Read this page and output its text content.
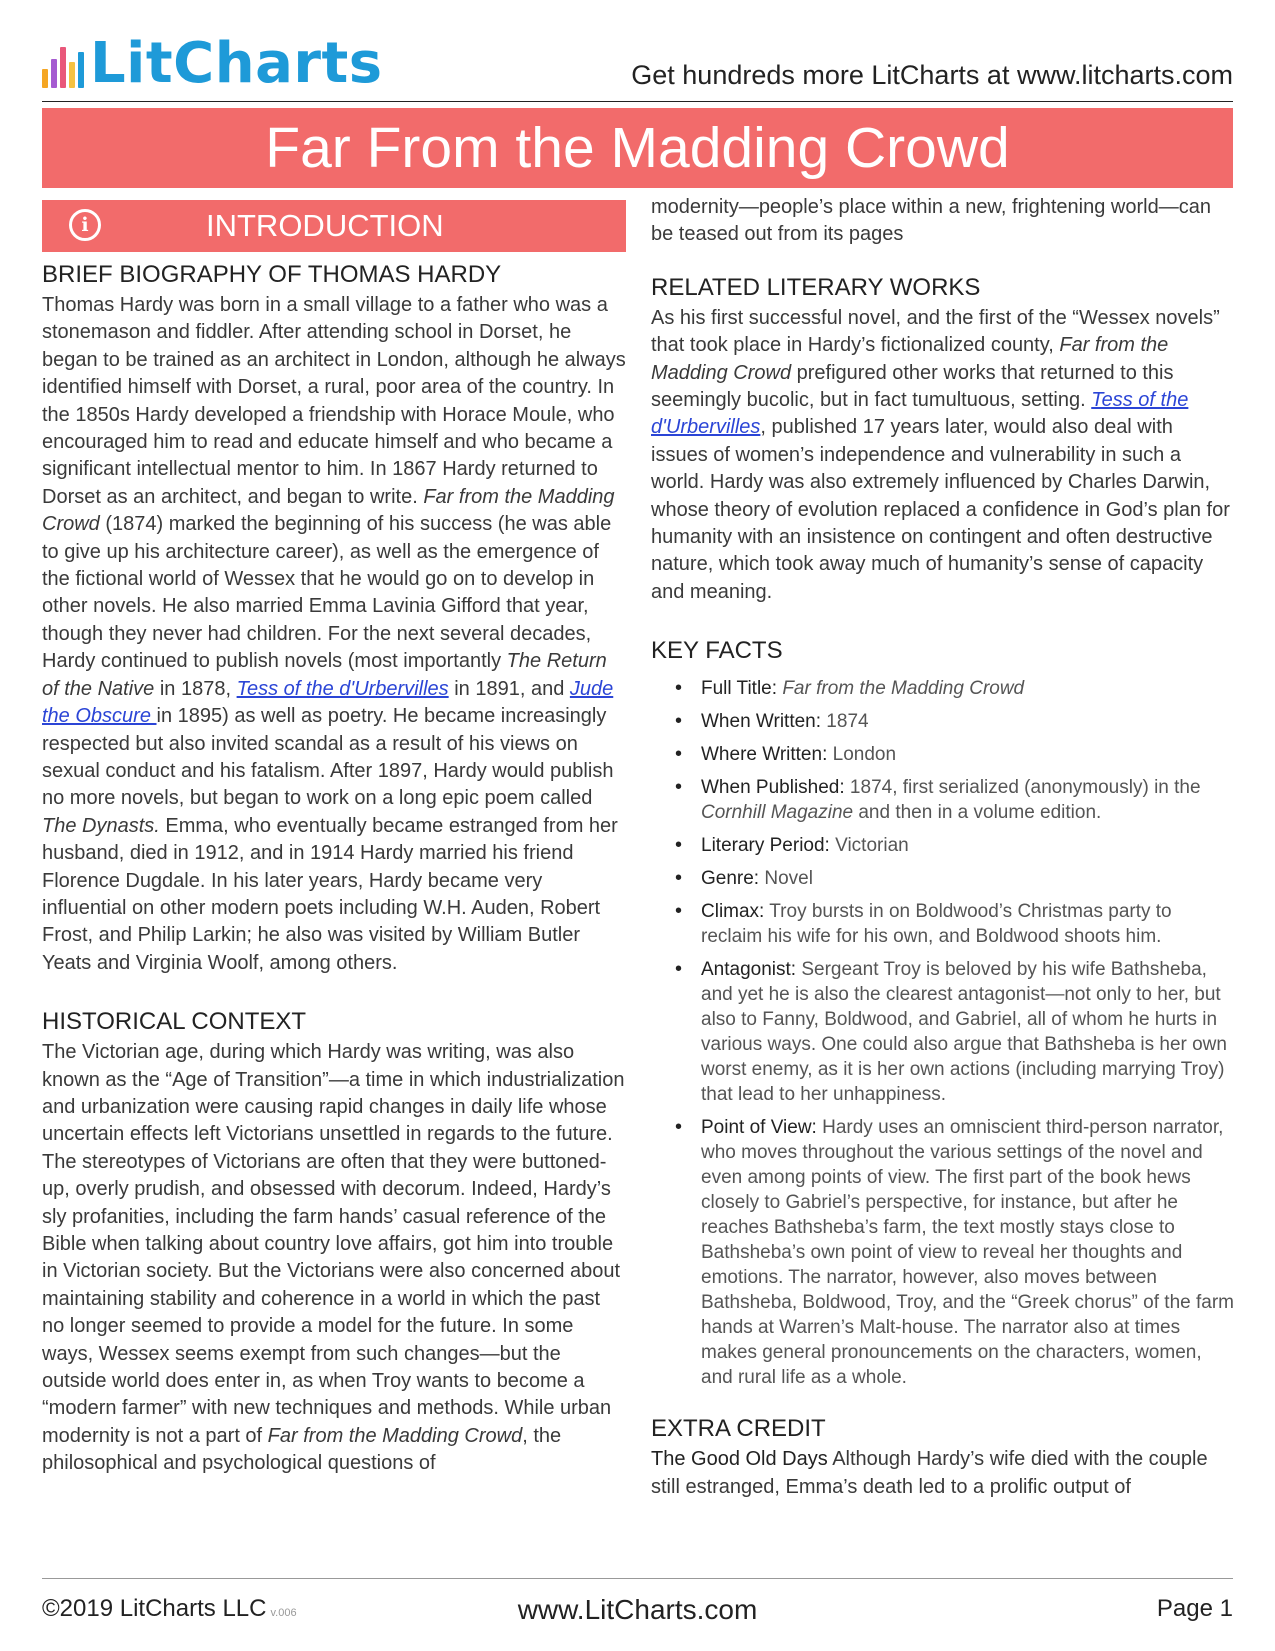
LitCharts	Get hundreds more LitCharts at www.litcharts.com
Far From the Madding Crowd
i	INTRODUCTION
BRIEF BIOGRAPHY OF THOMAS HARDY

Thomas Hardy was born in a small village to a father who was a stonemason and fiddler. After attending school in Dorset, he began to be trained as an architect in London, although he always identified himself with Dorset, a rural, poor area of the country. In the 1850s Hardy developed a friendship with Horace Moule, who encouraged him to read and educate himself and who became a significant intellectual mentor to him. In 1867 Hardy returned to Dorset as an architect, and began to write. Far from the Madding Crowd (1874) marked the beginning of his success (he was able to give up his architecture career), as well as the emergence of the fictional world of Wessex that he would go on to develop in other novels. He also married Emma Lavinia Gifford that year, though they never had children. For the next several decades, Hardy continued to publish novels (most importantly The Return of the Native in 1878, Tess of the d'Urbervilles in 1891, and Jude the Obscure in 1895) as well as poetry. He became increasingly respected but also invited scandal as a result of his views on sexual conduct and his fatalism. After 1897, Hardy would publish no more novels, but began to work on a long epic poem called The Dynasts. Emma, who eventually became estranged from her husband, died in 1912, and in 1914 Hardy married his friend Florence Dugdale. In his later years, Hardy became very influential on other modern poets including W.H. Auden, Robert Frost, and Philip Larkin; he also was visited by William Butler Yeats and Virginia Woolf, among others.

HISTORICAL CONTEXT

The Victorian age, during which Hardy was writing, was also known as the “Age of Transition”—a time in which industrialization and urbanization were causing rapid changes in daily life whose uncertain effects left Victorians unsettled in regards to the future. The stereotypes of Victorians are often that they were buttoned-up, overly prudish, and obsessed with decorum. Indeed, Hardy’s sly profanities, including the farm hands’ casual reference of the Bible when talking about country love affairs, got him into trouble in Victorian society. But the Victorians were also concerned about maintaining stability and coherence in a world in which the past no longer seemed to provide a model for the future. In some ways, Wessex seems exempt from such changes—but the outside world does enter in, as when Troy wants to become a “modern farmer” with new techniques and methods. While urban modernity is not a part of Far from the Madding Crowd, the philosophical and psychological questions of

modernity—people’s place within a new, frightening world—can be teased out from its pages

RELATED LITERARY WORKS

As his first successful novel, and the first of the “Wessex novels” that took place in Hardy’s fictionalized county, Far from the Madding Crowd prefigured other works that returned to this seemingly bucolic, but in fact tumultuous, setting. Tess of the d'Urbervilles, published 17 years later, would also deal with issues of women’s independence and vulnerability in such a world. Hardy was also extremely influenced by Charles Darwin, whose theory of evolution replaced a confidence in God’s plan for humanity with an insistence on contingent and often destructive nature, which took away much of humanity’s sense of capacity and meaning.

KEY FACTS
• Full Title: Far from the Madding Crowd
• When Written: 1874
• Where Written: London
• When Published: 1874, first serialized (anonymously) in the Cornhill Magazine and then in a volume edition.
• Literary Period: Victorian
• Genre: Novel
• Climax: Troy bursts in on Boldwood’s Christmas party to reclaim his wife for his own, and Boldwood shoots him.
• Antagonist: Sergeant Troy is beloved by his wife Bathsheba, and yet he is also the clearest antagonist—not only to her, but also to Fanny, Boldwood, and Gabriel, all of whom he hurts in various ways. One could also argue that Bathsheba is her own worst enemy, as it is her own actions (including marrying Troy) that lead to her unhappiness.
• Point of View: Hardy uses an omniscient third-person narrator, who moves throughout the various settings of the novel and even among points of view. The first part of the book hews closely to Gabriel’s perspective, for instance, but after he reaches Bathsheba’s farm, the text mostly stays close to Bathsheba’s own point of view to reveal her thoughts and emotions. The narrator, however, also moves between Bathsheba, Boldwood, Troy, and the “Greek chorus” of the farm hands at Warren’s Malt-house. The narrator also at times makes general pronouncements on the characters, women, and rural life as a whole.
EXTRA CREDIT

The Good Old Days Although Hardy’s wife died with the couple still estranged, Emma’s death led to a prolific output of

©2019 LitCharts LLC v.006	www.LitCharts.com	Page 1
